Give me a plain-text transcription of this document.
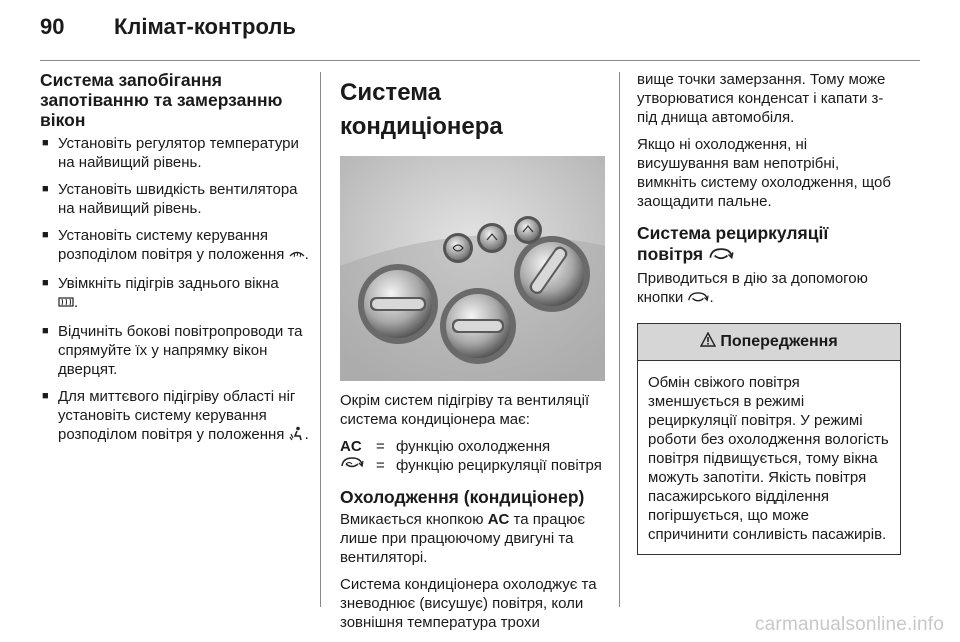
90	Клімат-контроль
Система запобігання
запотіванню та замерзанню
вікон
■ Установіть регулятор температури на найвищий рівень.
■ Установіть швидкість вентилятора на найвищий рівень.
■ Установіть систему керування розподілом повітря у положення .
■ Увімкніть підігрів заднього вікна
.
■ Відчиніть бокові повітропроводи та спрямуйте їх у напрямку вікон дверцят.
■ Для миттєвого підігріву області ніг установіть систему керування розподілом повітря у положення .
Система кондиціонера

Окрім систем підігріву та вентиляції система кондиціонера має:

AC = функцію охолодження
= функцію рециркуляції повітря
Охолодження (кондиціонер)

Вмикається кнопкою AC та працює лише при працюючому двигуні та вентиляторі.

Система кондиціонера охолоджує та зневоднює (висушує) повітря, коли зовнішня температура трохи

вище точки замерзання. Тому може утворюватися конденсат і капати з-під днища автомобіля.

Якщо ні охолодження, ні висушування вам непотрібні, вимкніть систему охолодження, щоб заощадити пальне.

Система рециркуляції
повітря

Приводиться в дію за допомогою кнопки .

Попередження
Обмін свіжого повітря зменшується в режимі рециркуляції повітря. У режимі роботи без охолодження вологість повітря підвищується, тому вікна можуть запотіти. Якість повітря пасажирського відділення погіршується, що може спричинити сонливість пасажирів.
carmanualsonline.info
